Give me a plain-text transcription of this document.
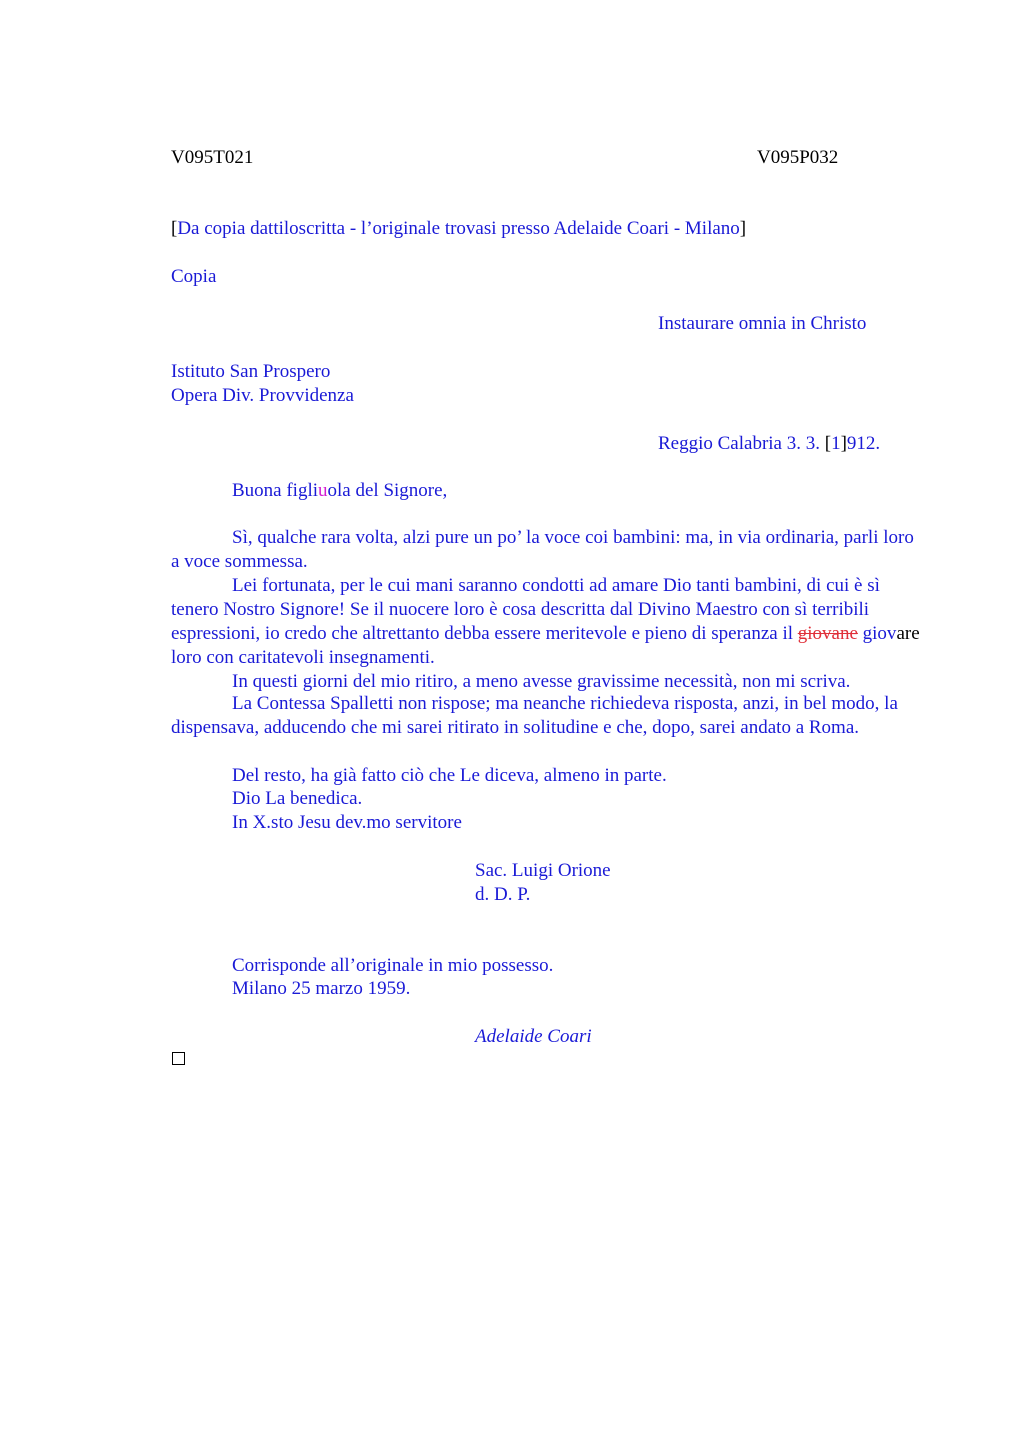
V095T021	V095P032
[Da copia dattiloscritta - l’originale trovasi presso Adelaide Coari - Milano]
Copia
Instaurare omnia in Christo
Istituto San Prospero
Opera Div. Provvidenza
Reggio Calabria 3. 3. [1]912.
Buona figliuola del Signore,
Sì, qualche rara volta, alzi pure un po’ la voce coi bambini: ma, in via ordinaria, parli loro a voce sommessa.
Lei fortunata, per le cui mani saranno condotti ad amare Dio tanti bambini, di cui è sì tenero Nostro Signore! Se il nuocere loro è cosa descritta dal Divino Maestro con sì terribili espressioni, io credo che altrettanto debba essere meritevole e pieno di speranza il giovane giovare loro con caritatevoli insegnamenti.
In questi giorni del mio ritiro, a meno avesse gravissime necessità, non mi scriva.
La Contessa Spalletti non rispose; ma neanche richiedeva risposta, anzi, in bel modo, la dispensava, adducendo che mi sarei ritirato in solitudine e che, dopo, sarei andato a Roma.
Del resto, ha già fatto ciò che Le diceva, almeno in parte.
Dio La benedica.
In X.sto Jesu dev.mo servitore
Sac. Luigi Orione
d. D. P.
Corrisponde all’originale in mio possesso.
Milano 25 marzo 1959.
Adelaide Coari
